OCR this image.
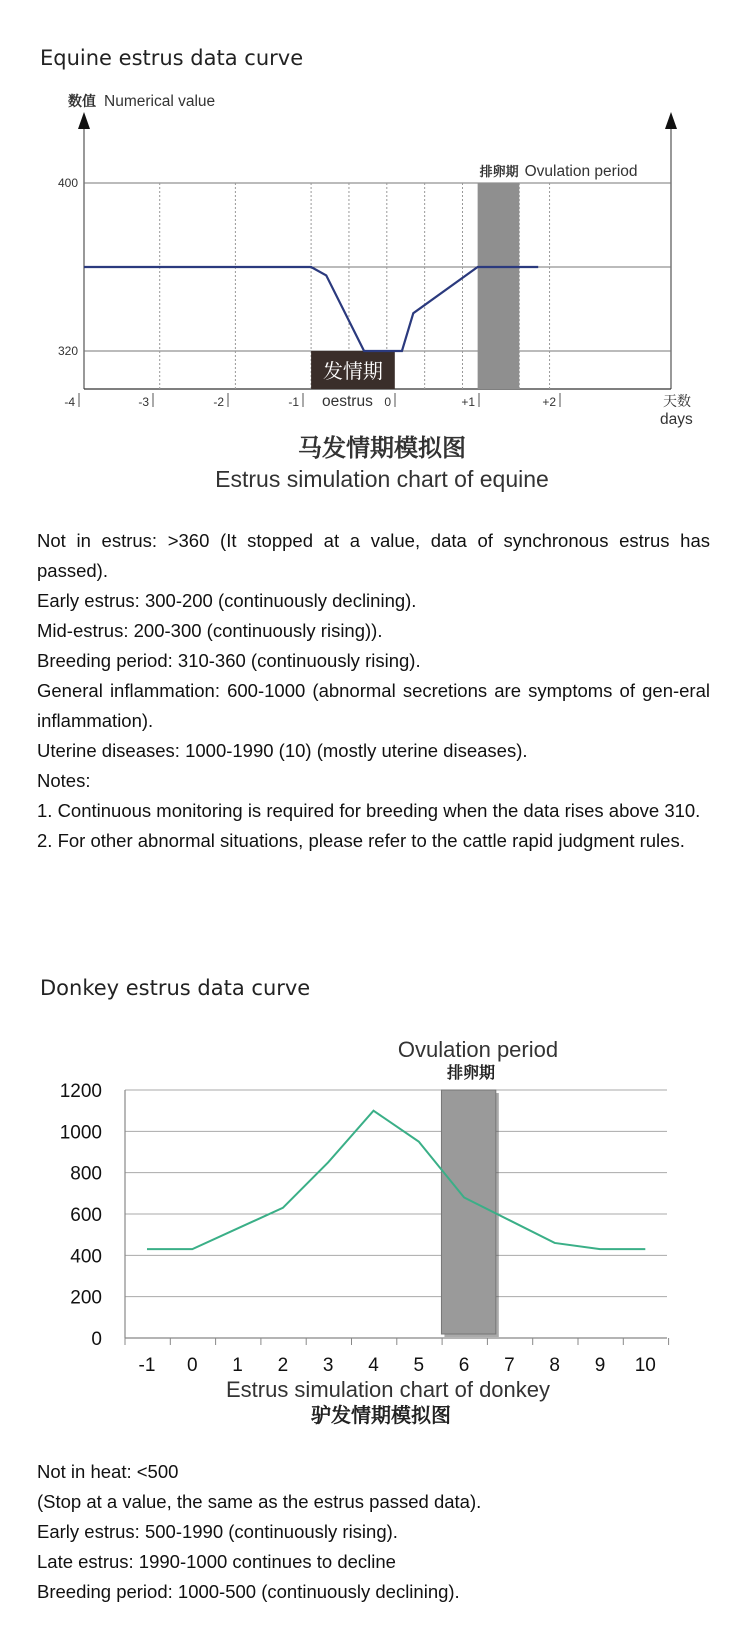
Equine estrus data curve
数值 Numerical value
排卵期 Ovulation period
发情期
400
320
-4	-3	-2	-1	0	+1	+2
oestrus	天数
days
马发情期模拟图
Estrus simulation chart of equine

Not in estrus: >360 (It stopped at a value, data of synchronous estrus has passed).

Early estrus: 300-200 (continuously declining).

Mid-estrus: 200-300 (continuously rising)).

Breeding period: 310-360 (continuously rising).

General inflammation: 600-1000 (abnormal secretions are symptoms of gen-eral inflammation).

Uterine diseases: 1000-1990 (10) (mostly uterine diseases).

Notes:

1. Continuous monitoring is required for breeding when the data rises above 310.

2. For other abnormal situations, please refer to the cattle rapid judgment rules.

Donkey estrus data curve
Ovulation period
排卵期
1200
1000
800
600
400
200
0
-1 0 1 2 3 4 5 6 7 8 9 10
Estrus simulation chart of donkey
驴发情期模拟图

Not in heat: <500

(Stop at a value, the same as the estrus passed data).

Early estrus: 500-1990 (continuously rising).

Late estrus: 1990-1000 continues to decline

Breeding period: 1000-500 (continuously declining).
